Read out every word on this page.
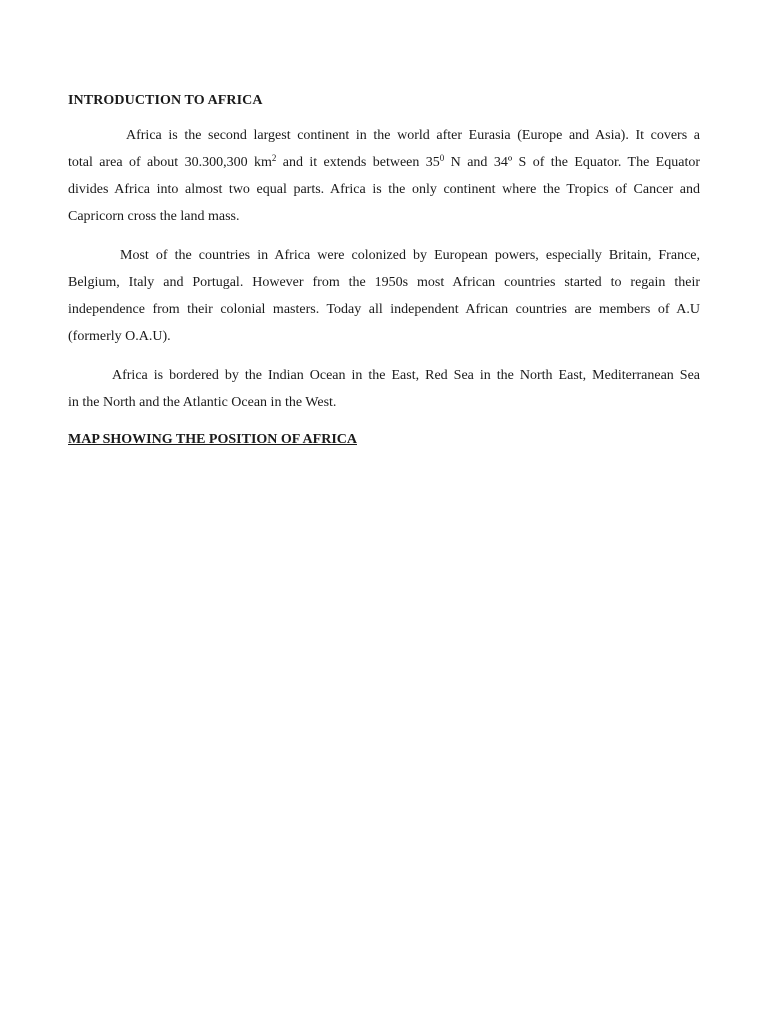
INTRODUCTION TO AFRICA

Africa is the second largest continent in the world after Eurasia (Europe and Asia). It covers a
total area of about 30.300,300 $km^2$ and it extends between $35^0$ N and 34º S of the Equator. The Equator
divides Africa into almost two equal parts. Africa is the only continent where the Tropics of Cancer and
Capricorn cross the land mass.

Most of the countries in Africa were colonized by European powers, especially Britain, France,
Belgium, Italy and Portugal. However from the 1950s most African countries started to regain their
independence from their colonial masters. Today all independent African countries are members of A.U
(formerly O.A.U).

Africa is bordered by the Indian Ocean in the East, Red Sea in the North East, Mediterranean Sea
in the North and the Atlantic Ocean in the West.

MAP SHOWING THE POSITION OF AFRICA
